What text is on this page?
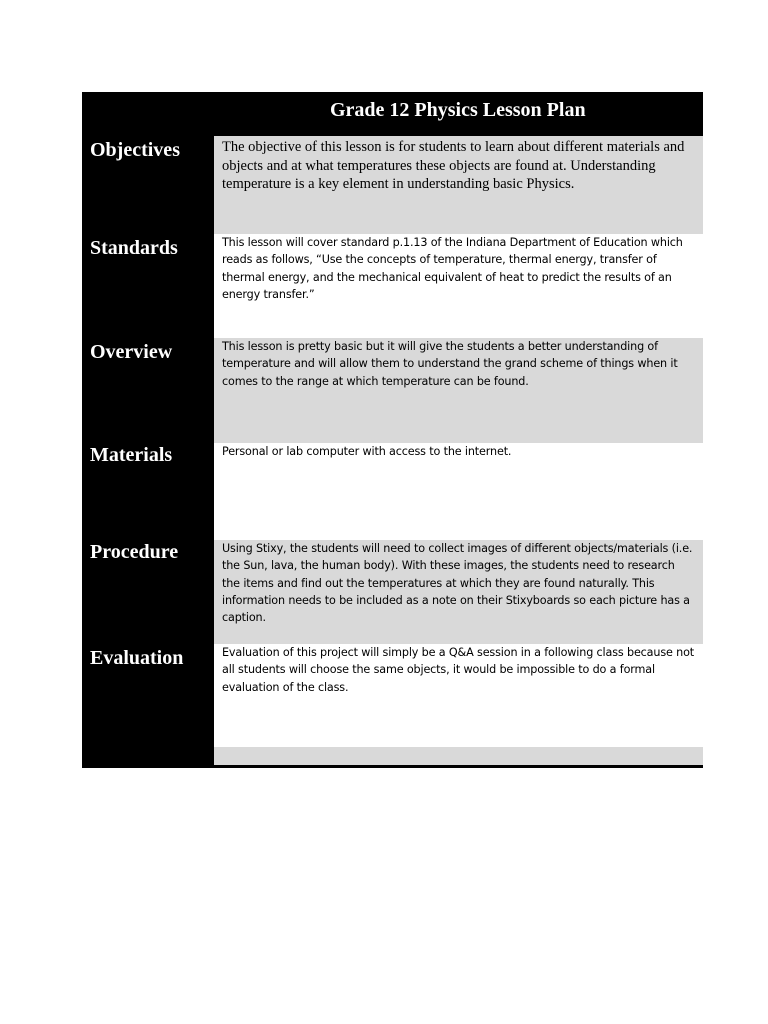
Grade 12 Physics Lesson Plan
Objectives	The objective of this lesson is for students to learn about different materials and objects and at what temperatures these objects are found at. Understanding temperature is a key element in understanding basic Physics.

Standards	This lesson will cover standard p.1.13 of the Indiana Department of Education which reads as follows, “Use the concepts of temperature, thermal energy, transfer of thermal energy, and the mechanical equivalent of heat to predict the results of an energy transfer.”

Overview	This lesson is pretty basic but it will give the students a better understanding of temperature and will allow them to understand the grand scheme of things when it comes to the range at which temperature can be found.

Materials	Personal or lab computer with access to the internet.

Procedure	Using Stixy, the students will need to collect images of different objects/materials (i.e. the Sun, lava, the human body). With these images, the students need to research the items and find out the temperatures at which they are found naturally. This information needs to be included as a note on their Stixyboards so each picture has a caption.

Evaluation	Evaluation of this project will simply be a Q&A session in a following class because not all students will choose the same objects, it would be impossible to do a formal evaluation of the class.
